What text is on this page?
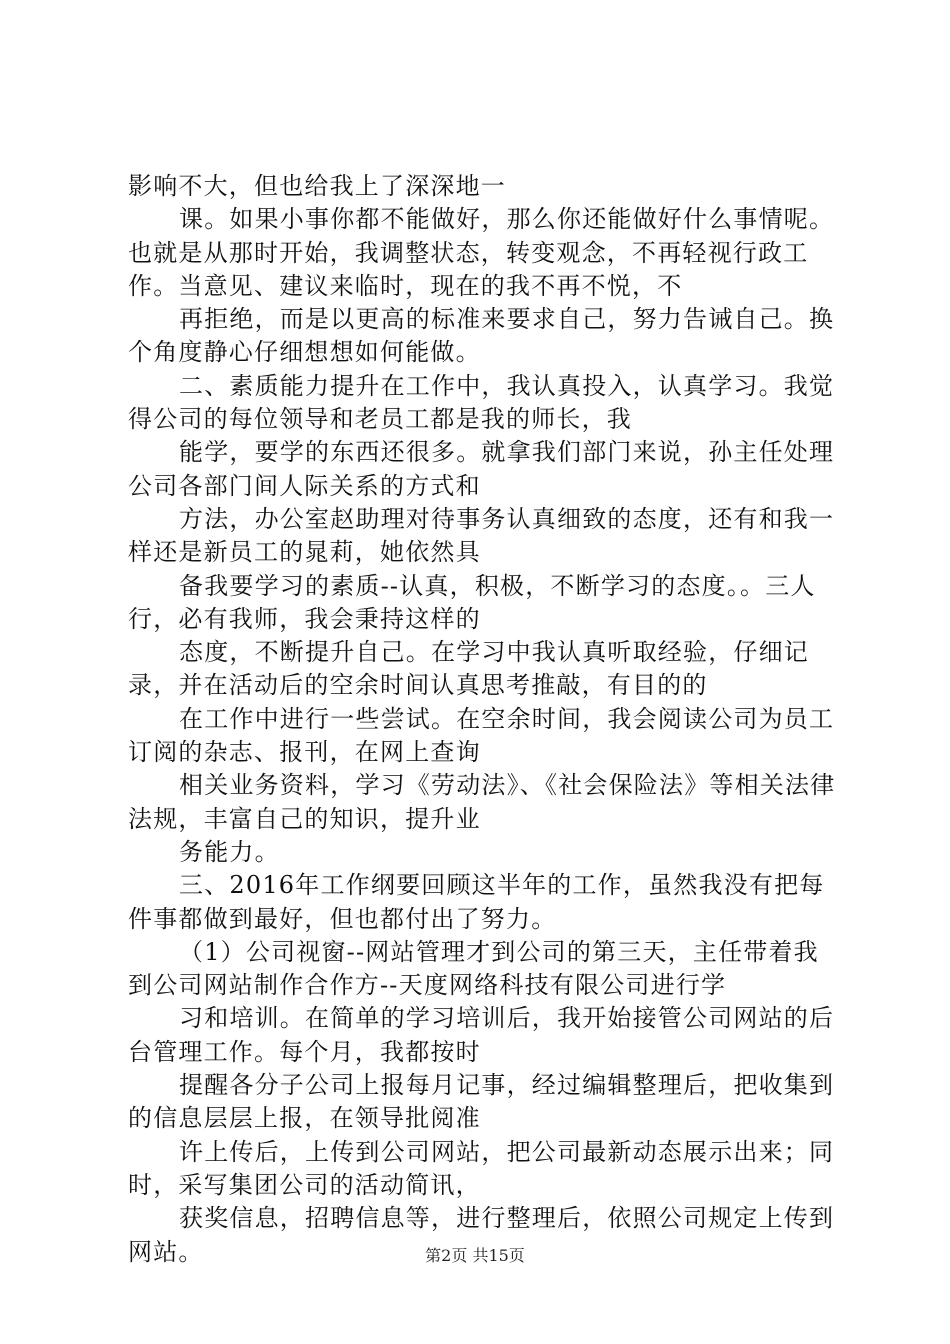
影响不大，但也给我上了深深地一

课。如果小事你都不能做好，那么你还能做好什么事情呢。也就是从那时开始，我调整状态，转变观念，不再轻视行政工作。当意见、建议来临时，现在的我不再不悦，不

再拒绝，而是以更高的标准来要求自己，努力告诫自己。换个角度静心仔细想想如何能做。

二、素质能力提升在工作中，我认真投入，认真学习。我觉得公司的每位领导和老员工都是我的师长，我

能学，要学的东西还很多。就拿我们部门来说，孙主任处理公司各部门间人际关系的方式和

方法，办公室赵助理对待事务认真细致的态度，还有和我一样还是新员工的晁莉，她依然具

备我要学习的素质--认真，积极，不断学习的态度。。三人行，必有我师，我会秉持这样的

态度，不断提升自己。在学习中我认真听取经验，仔细记录，并在活动后的空余时间认真思考推敲，有目的的

在工作中进行一些尝试。在空余时间，我会阅读公司为员工订阅的杂志、报刊，在网上查询

相关业务资料，学习《劳动法》、《社会保险法》等相关法律法规，丰富自己的知识，提升业

务能力。

三、2016年工作纲要回顾这半年的工作，虽然我没有把每件事都做到最好，但也都付出了努力。

（1）公司视窗--网站管理才到公司的第三天，主任带着我到公司网站制作合作方--天度网络科技有限公司进行学

习和培训。在简单的学习培训后，我开始接管公司网站的后台管理工作。每个月，我都按时

提醒各分子公司上报每月记事，经过编辑整理后，把收集到的信息层层上报，在领导批阅准

许上传后，上传到公司网站，把公司最新动态展示出来；同时，采写集团公司的活动简讯，

获奖信息，招聘信息等，进行整理后，依照公司规定上传到网站。	第2页 共15页
